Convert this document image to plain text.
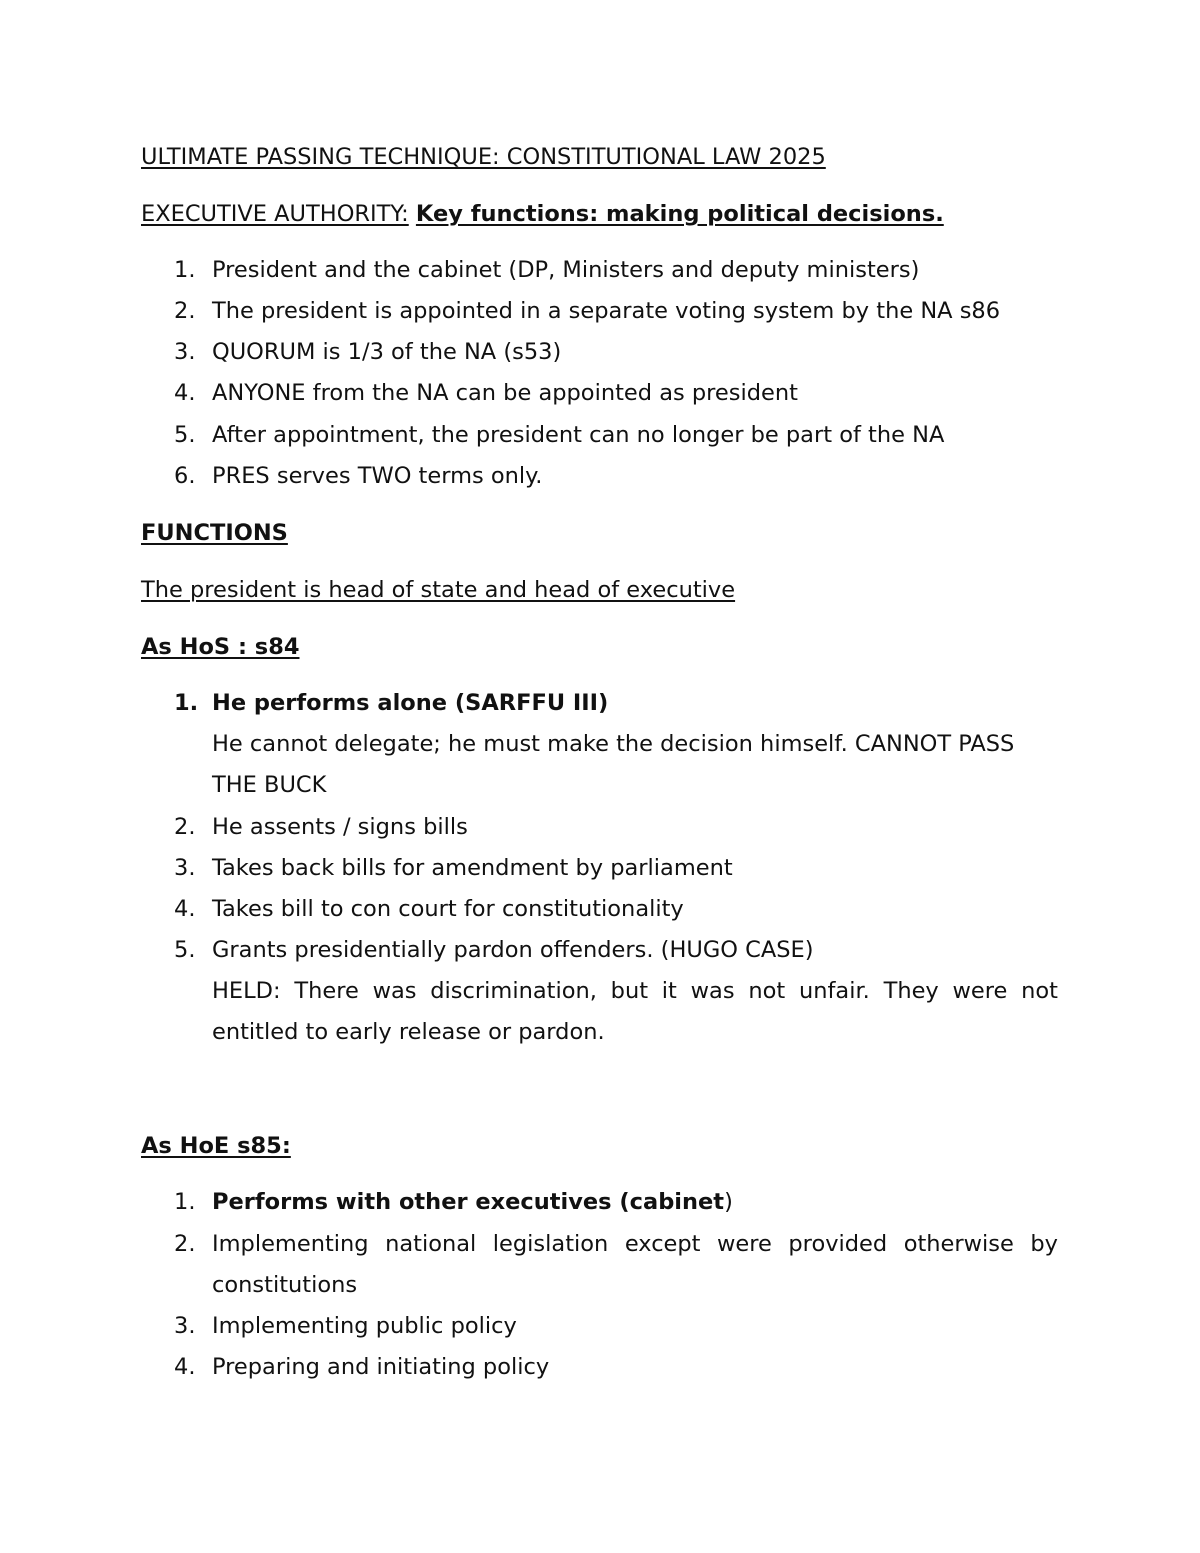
ULTIMATE PASSING TECHNIQUE: CONSTITUTIONAL LAW 2025
EXECUTIVE AUTHORITY: Key functions: making political decisions.
1. President and the cabinet (DP, Ministers and deputy ministers)
2. The president is appointed in a separate voting system by the NA s86
3. QUORUM is 1/3 of the NA (s53)
4. ANYONE from the NA can be appointed as president
5. After appointment, the president can no longer be part of the NA
6. PRES serves TWO terms only.
FUNCTIONS
The president is head of state and head of executive
As HoS : s84
1. He performs alone (SARFFU III)
He cannot delegate; he must make the decision himself. CANNOT PASS
THE BUCK
2. He assents / signs bills
3. Takes back bills for amendment by parliament
4. Takes bill to con court for constitutionality
5. Grants presidentially pardon offenders. (HUGO CASE)
HELD: There was discrimination, but it was not unfair. They were not
entitled to early release or pardon.
As HoE s85:
1. Performs with other executives (cabinet)
2. Implementing national legislation except were provided otherwise by
constitutions
3. Implementing public policy
4. Preparing and initiating policy
